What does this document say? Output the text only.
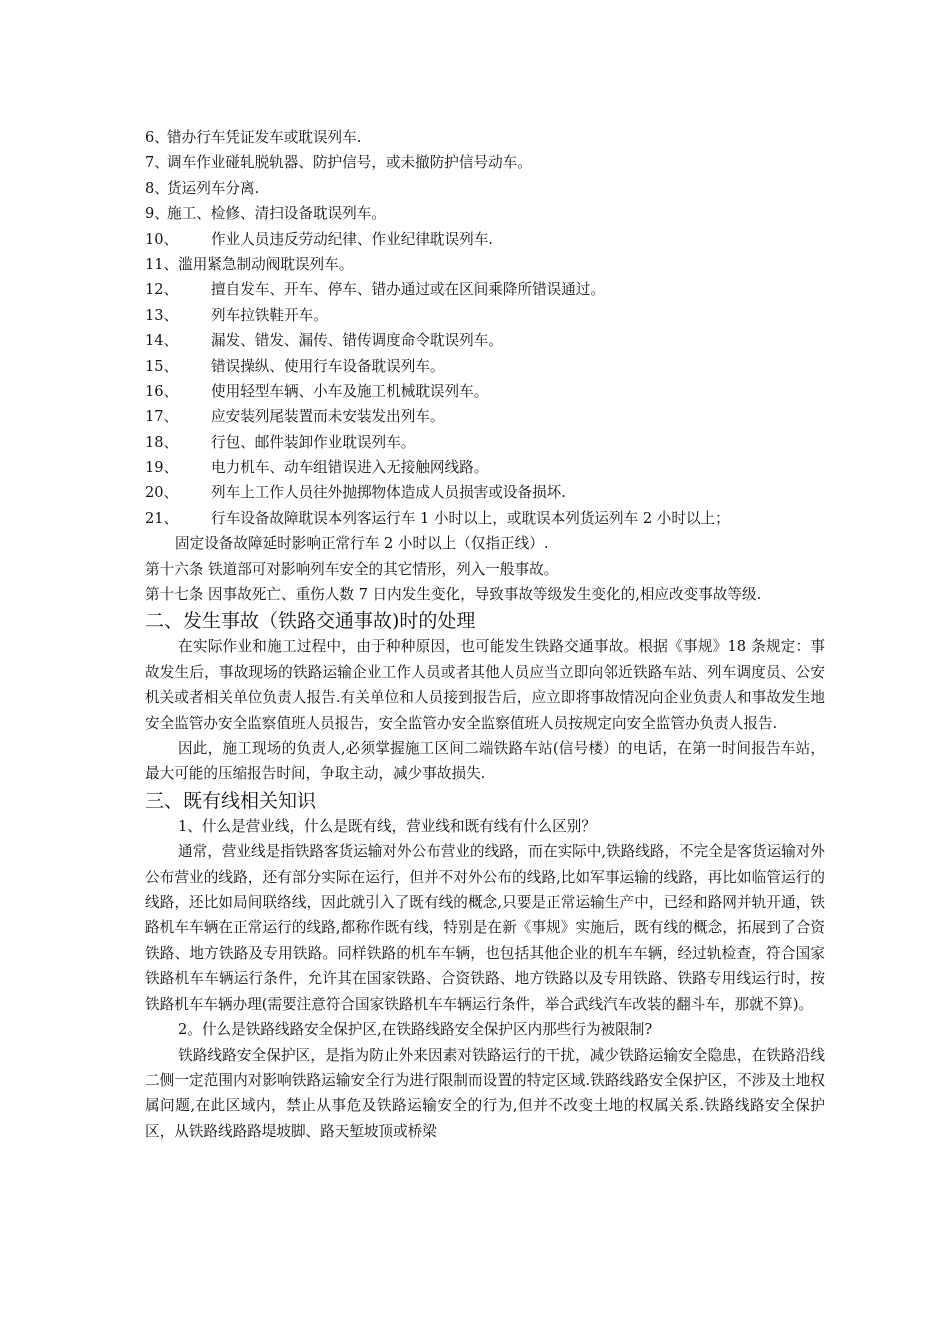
6、错办行车凭证发车或耽误列车.
7、调车作业碰轧脱轨器、防护信号，或未撤防护信号动车。
8、货运列车分离.
9、施工、检修、清扫设备耽误列车。
10、 作业人员违反劳动纪律、作业纪律耽误列车.
11、滥用紧急制动阀耽误列车。
12、 擅自发车、开车、停车、错办通过或在区间乘降所错误通过。
13、 列车拉铁鞋开车。
14、 漏发、错发、漏传、错传调度命令耽误列车。
15、 错误操纵、使用行车设备耽误列车。
16、 使用轻型车辆、小车及施工机械耽误列车。
17、 应安装列尾装置而未安装发出列车。
18、 行包、邮件装卸作业耽误列车。
19、 电力机车、动车组错误进入无接触网线路。
20、 列车上工作人员往外抛掷物体造成人员损害或设备损坏.
21、 行车设备故障耽误本列客运行车 1 小时以上，或耽误本列货运列车 2 小时以上；
固定设备故障延时影响正常行车 2 小时以上（仅指正线）.
第十六条 铁道部可对影响列车安全的其它情形，列入一般事故。

第十七条 因事故死亡、重伤人数 7 日内发生变化，导致事故等级发生变化的,相应改变事故等级.

二、发生事故（铁路交通事故)时的处理

在实际作业和施工过程中，由于种种原因，也可能发生铁路交通事故。根据《事规》18 条规定：事故发生后，事故现场的铁路运输企业工作人员或者其他人员应当立即向邻近铁路车站、列车调度员、公安机关或者相关单位负责人报告.有关单位和人员接到报告后，应立即将事故情况向企业负责人和事故发生地安全监管办安全监察值班人员报告，安全监管办安全监察值班人员按规定向安全监管办负责人报告.

因此，施工现场的负责人,必须掌握施工区间二端铁路车站(信号楼）的电话，在第一时间报告车站，最大可能的压缩报告时间，争取主动，减少事故损失.

三、既有线相关知识
1、什么是营业线，什么是既有线，营业线和既有线有什么区别？

通常，营业线是指铁路客货运输对外公布营业的线路，而在实际中,铁路线路，不完全是客货运输对外公布营业的线路，还有部分实际在运行，但并不对外公布的线路,比如军事运输的线路，再比如临管运行的线路，还比如局间联络线，因此就引入了既有线的概念,只要是正常运输生产中，已经和路网并轨开通，铁路机车车辆在正常运行的线路,都称作既有线，特别是在新《事规》实施后，既有线的概念，拓展到了合资铁路、地方铁路及专用铁路。同样铁路的机车车辆，也包括其他企业的机车车辆，经过轨检查，符合国家铁路机车车辆运行条件，允许其在国家铁路、合资铁路、地方铁路以及专用铁路、铁路专用线运行时，按铁路机车车辆办理(需要注意符合国家铁路机车车辆运行条件，举合武线汽车改装的翻斗车，那就不算)。

2。什么是铁路线路安全保护区,在铁路线路安全保护区内那些行为被限制?

铁路线路安全保护区，是指为防止外来因素对铁路运行的干扰，减少铁路运输安全隐患，在铁路沿线二侧一定范围内对影响铁路运输安全行为进行限制而设置的特定区域.铁路线路安全保护区，不涉及土地权属问题,在此区域内，禁止从事危及铁路运输安全的行为,但并不改变土地的权属关系.铁路线路安全保护区，从铁路线路路堤坡脚、路天堑坡顶或桥梁
